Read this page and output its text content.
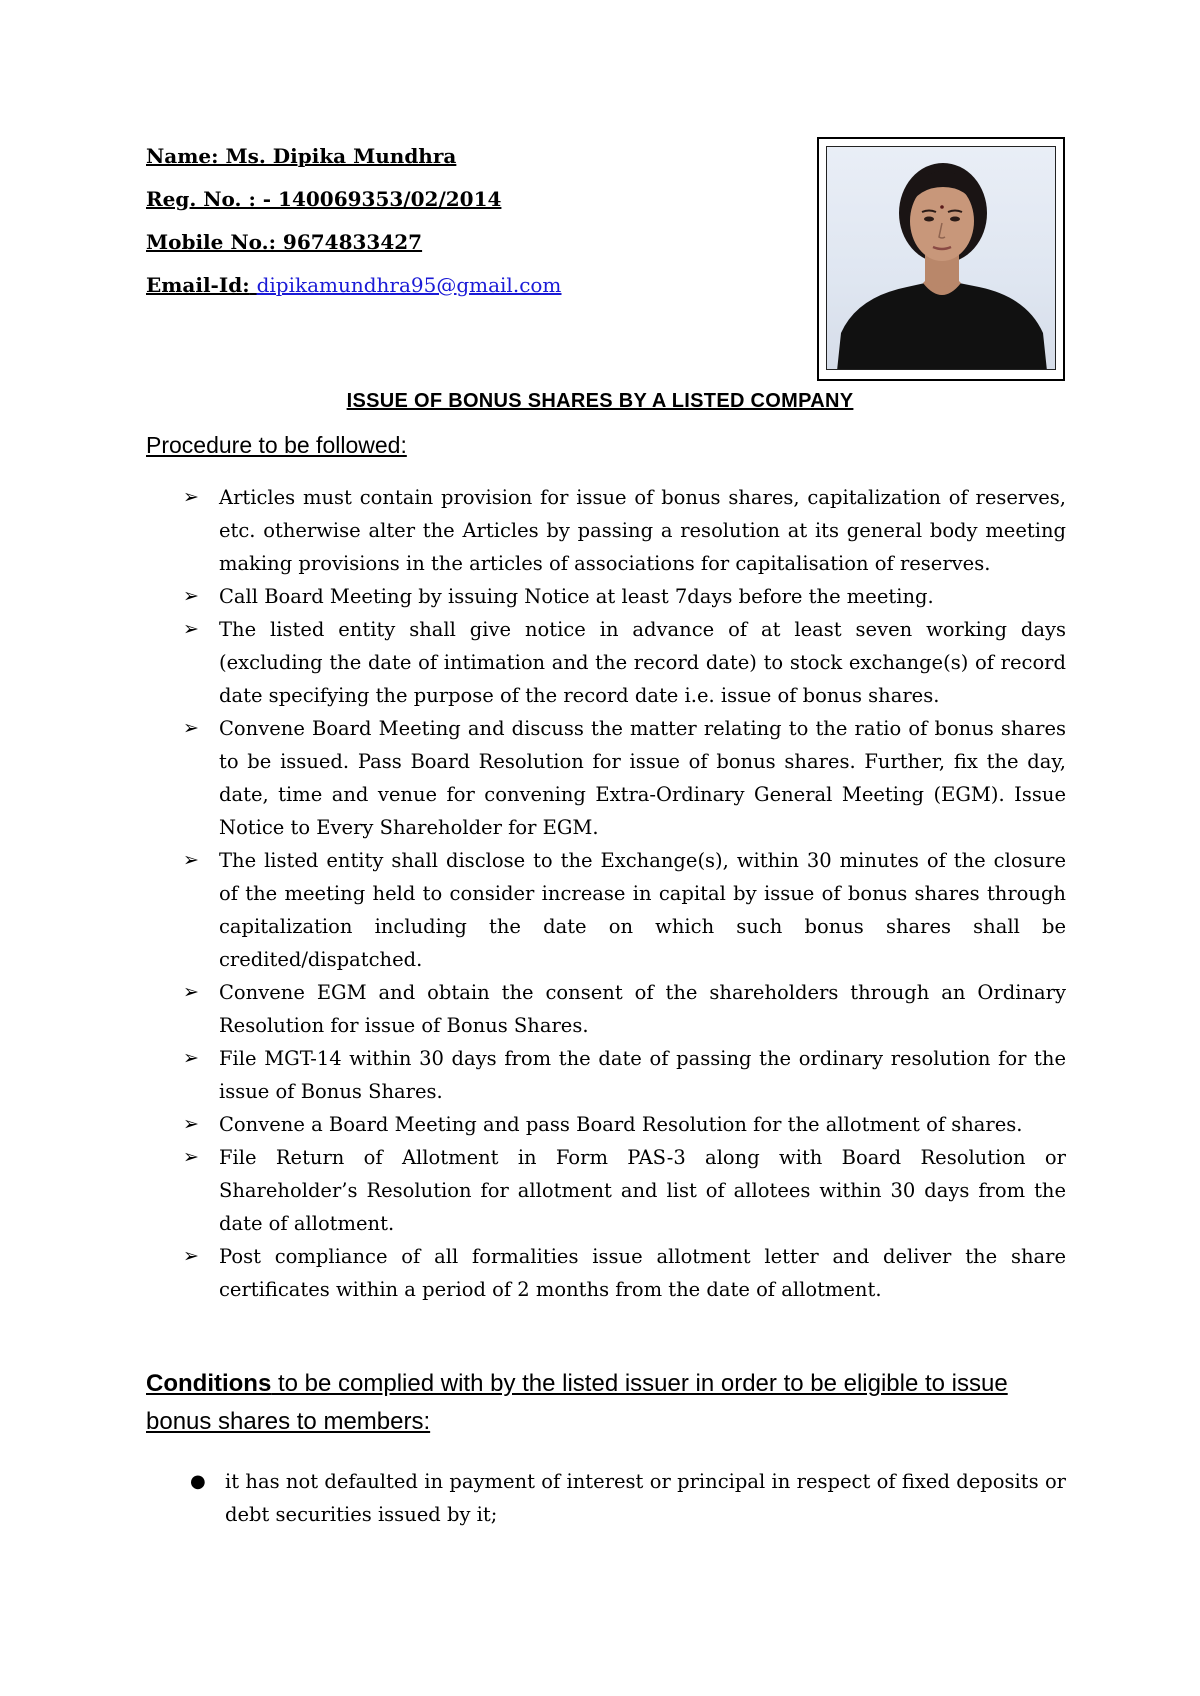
Name: Ms. Dipika Mundhra
Reg. No. : - 140069353/02/2014
Mobile No.: 9674833427
Email-Id: dipikamundhra95@gmail.com
ISSUE OF BONUS SHARES BY A LISTED COMPANY
Procedure to be followed:
➢ Articles must contain provision for issue of bonus shares, capitalization of reserves, etc. otherwise alter the Articles by passing a resolution at its general body meeting making provisions in the articles of associations for capitalisation of reserves.
➢ Call Board Meeting by issuing Notice at least 7days before the meeting.
➢ The listed entity shall give notice in advance of at least seven working days (excluding the date of intimation and the record date) to stock exchange(s) of record date specifying the purpose of the record date i.e. issue of bonus shares.
➢ Convene Board Meeting and discuss the matter relating to the ratio of bonus shares to be issued. Pass Board Resolution for issue of bonus shares. Further, fix the day, date, time and venue for convening Extra-Ordinary General Meeting (EGM). Issue Notice to Every Shareholder for EGM.
➢ The listed entity shall disclose to the Exchange(s), within 30 minutes of the closure of the meeting held to consider increase in capital by issue of bonus shares through capitalization including the date on which such bonus shares shall be credited/dispatched.
➢ Convene EGM and obtain the consent of the shareholders through an Ordinary Resolution for issue of Bonus Shares.
➢ File MGT-14 within 30 days from the date of passing the ordinary resolution for the issue of Bonus Shares.
➢ Convene a Board Meeting and pass Board Resolution for the allotment of shares.
➢ File Return of Allotment in Form PAS-3 along with Board Resolution or Shareholder’s Resolution for allotment and list of allotees within 30 days from the date of allotment.
➢ Post compliance of all formalities issue allotment letter and deliver the share certificates within a period of 2 months from the date of allotment.
Conditions to be complied with by the listed issuer in order to be eligible to issue bonus shares to members:
● it has not defaulted in payment of interest or principal in respect of fixed deposits or debt securities issued by it;
